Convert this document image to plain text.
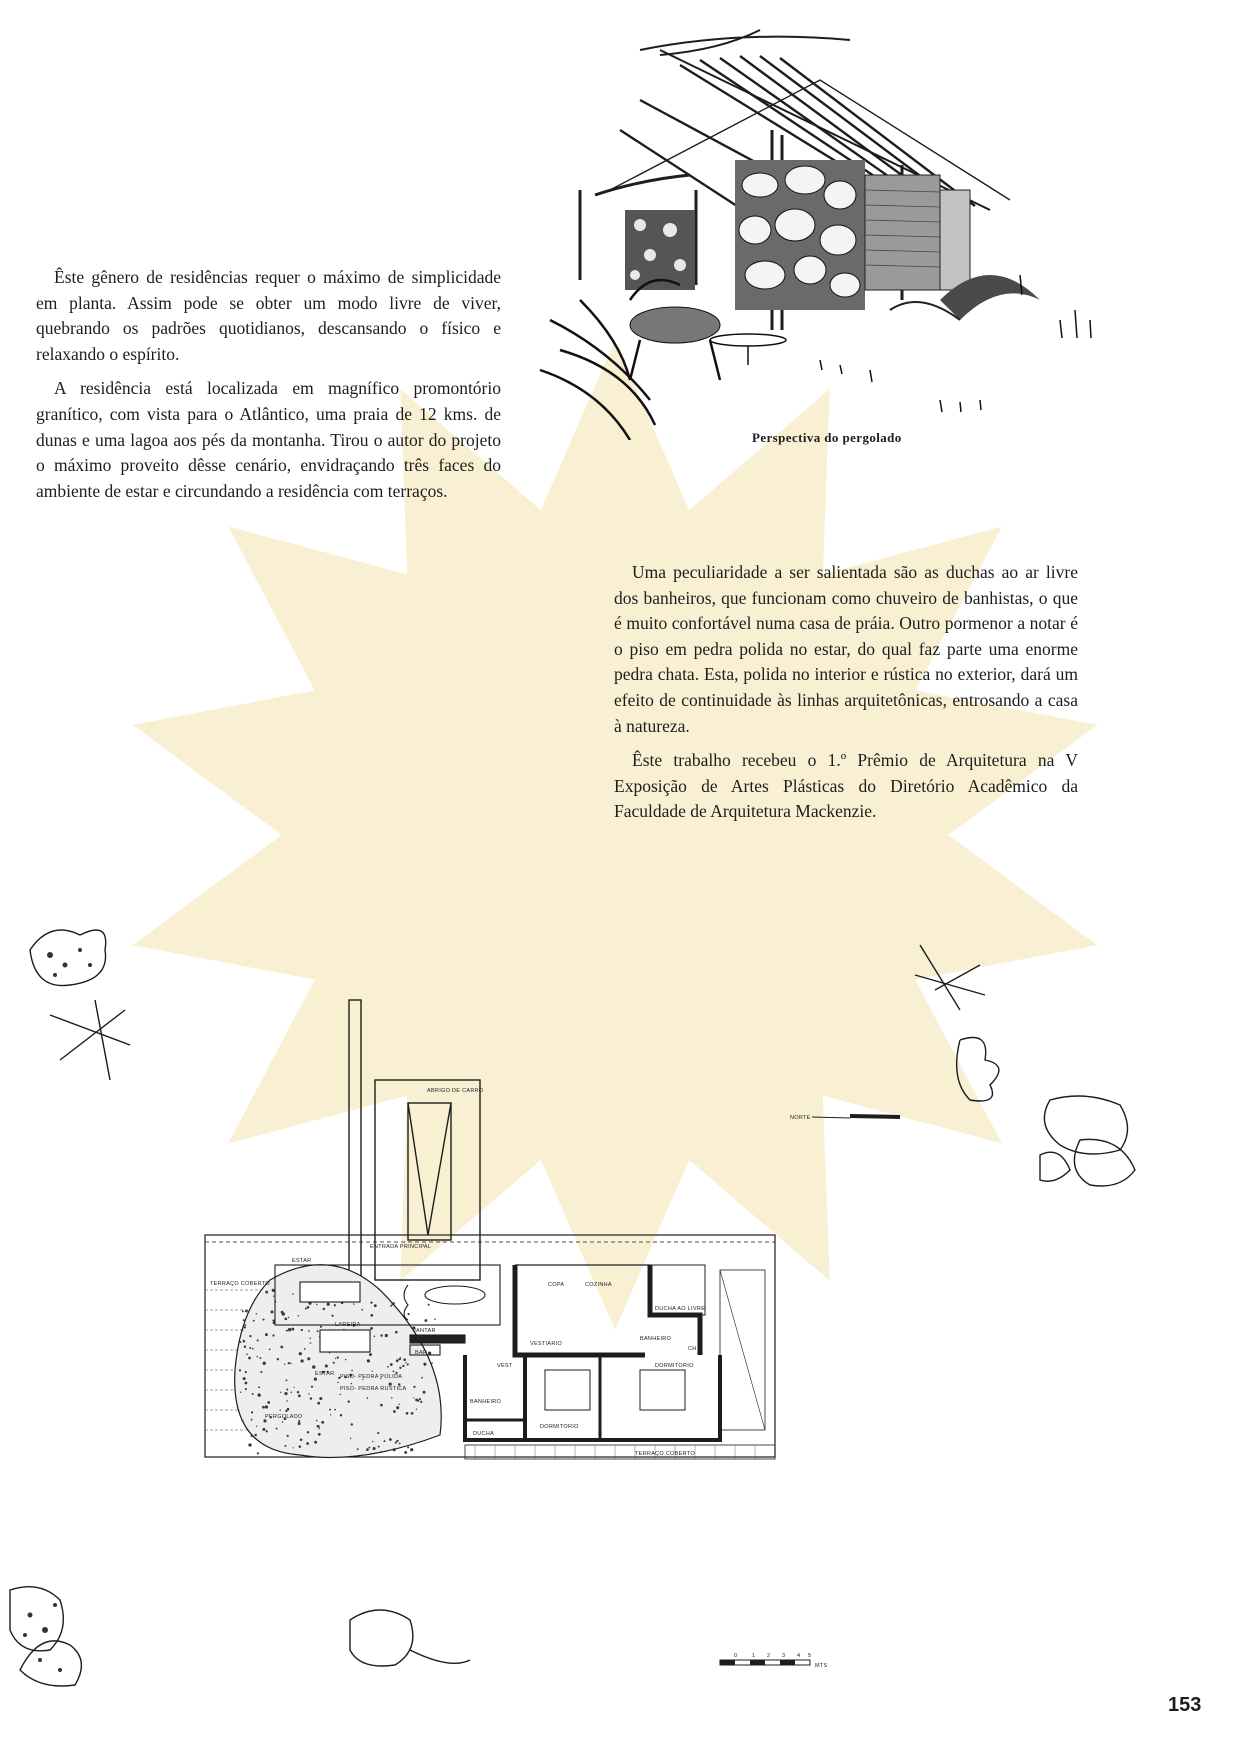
Êste gênero de residências requer o máximo de simplicidade em planta. Assim pode se obter um modo livre de viver, quebrando os padrões quotidianos, descansando o físico e relaxando o espírito.

A residência está localizada em magnífico promontório granítico, com vista para o Atlântico, uma praia de 12 kms. de dunas e uma lagoa aos pés da montanha. Tirou o autor do projeto o máximo proveito dêsse cenário, envidraçando três faces do ambiente de estar e circundando a residência com terraços.

Perspectiva do pergolado

Uma peculiaridade a ser salientada são as duchas ao ar livre dos banheiros, que funcionam como chuveiro de banhistas, o que é muito confortável numa casa de práia. Outro pormenor a notar é o piso em pedra polida no estar, do qual faz parte uma enorme pedra chata. Esta, polida no interior e rústica no exterior, dará um efeito de continuidade às linhas arquitetônicas, entrosando a casa à natureza.

Êste trabalho recebeu o 1.º Prêmio de Arquitetura na V Exposição de Artes Plásticas do Diretório Acadêmico da Faculdade de Arquitetura Mackenzie.

ABRIGO DE CARRO
ENTRADA PRINCIPAL
ESTAR
TERRAÇO COBERTO
LAREIRA
JANTAR
BAR
ESTAR PISO- PEDRA POLIDA
PISO- PEDRA RUSTICA
PERGOLADO
COPA	COZINHA
DUCHA AO LIVRE
VESTIARIO
BANHEIRO
CH
VEST	DORMITORIO
BANHEIRO
DORMITORIO
DUCHA
TERRAÇO COBERTO
NORTE
0	1 2 3 4 5
MTS
153
